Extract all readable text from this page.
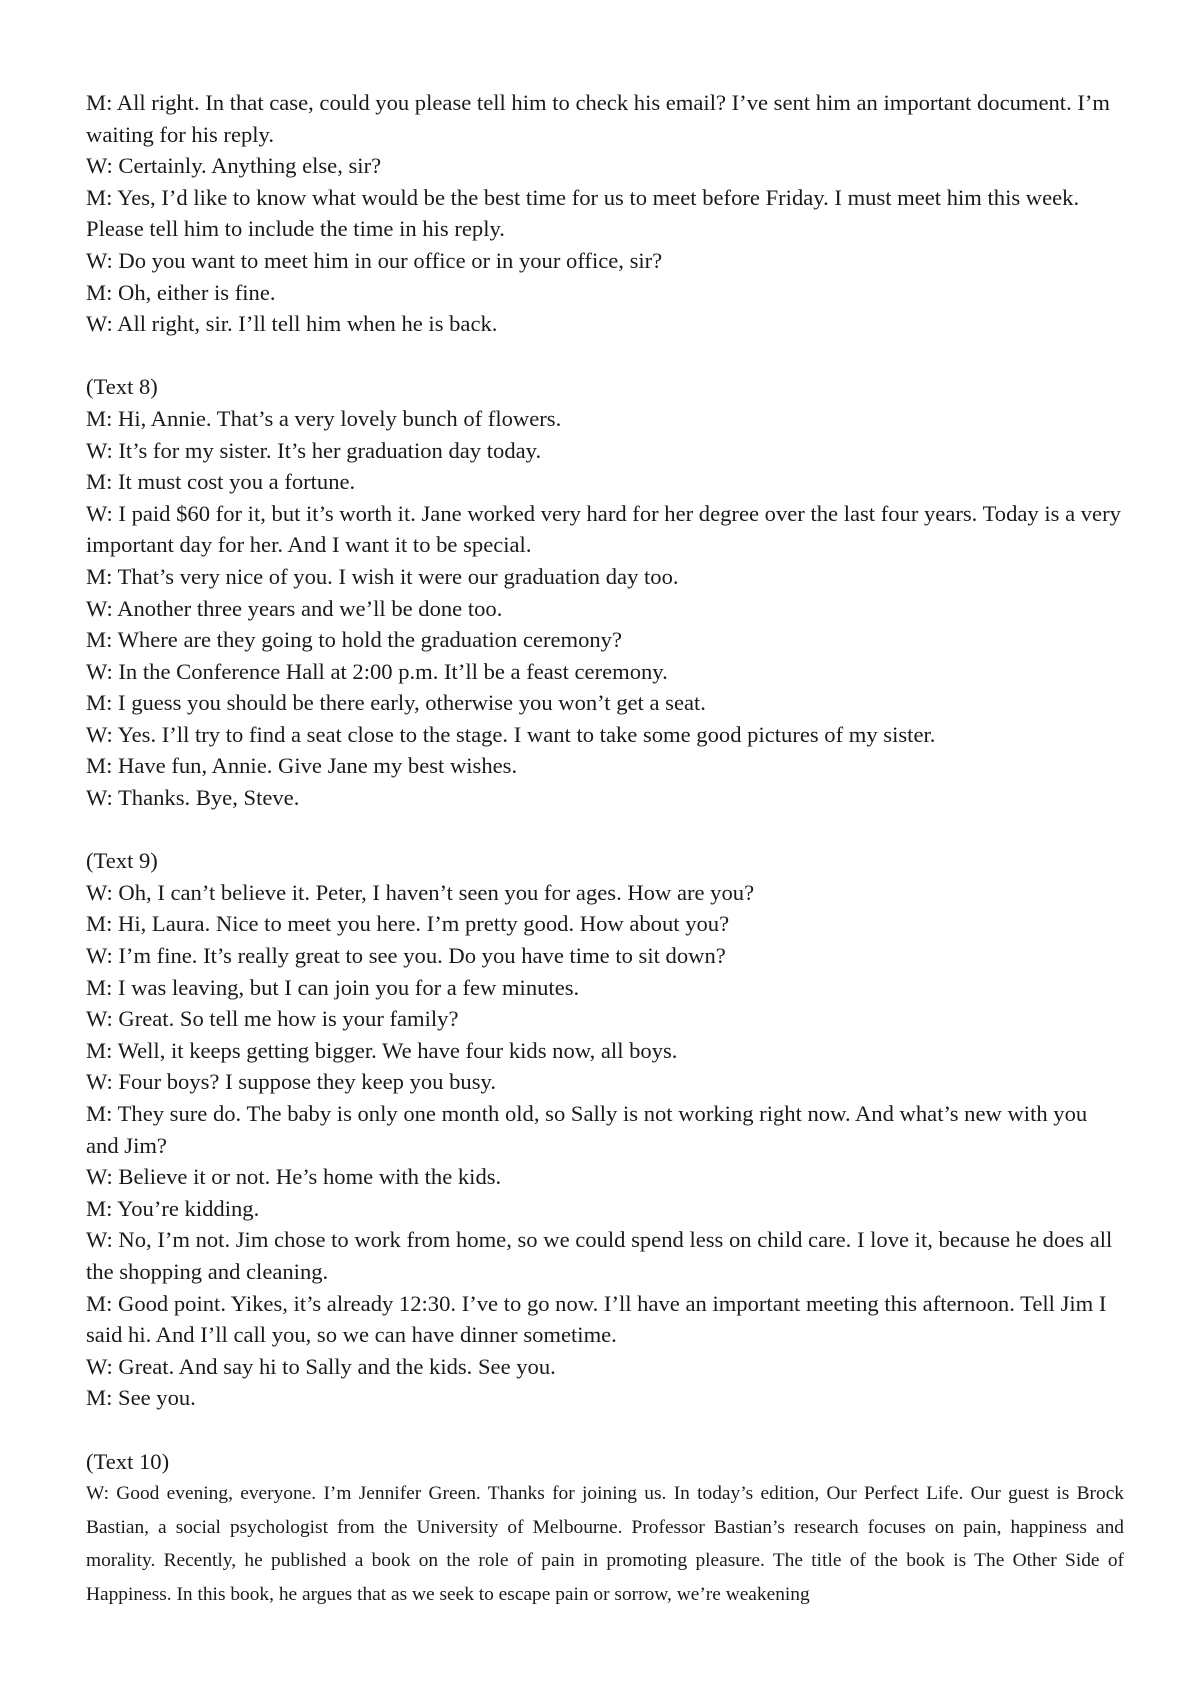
M: All right. In that case, could you please tell him to check his email? I’ve sent him an important document. I’m waiting for his reply.

W: Certainly. Anything else, sir?

M: Yes, I’d like to know what would be the best time for us to meet before Friday. I must meet him this week. Please tell him to include the time in his reply.

W: Do you want to meet him in our office or in your office, sir?

M: Oh, either is fine.

W: All right, sir. I’ll tell him when he is back.

(Text 8)

M: Hi, Annie. That’s a very lovely bunch of flowers.

W: It’s for my sister. It’s her graduation day today.

M: It must cost you a fortune.

W: I paid $60 for it, but it’s worth it. Jane worked very hard for her degree over the last four years. Today is a very important day for her. And I want it to be special.

M: That’s very nice of you. I wish it were our graduation day too.

W: Another three years and we’ll be done too.

M: Where are they going to hold the graduation ceremony?

W: In the Conference Hall at 2:00 p.m. It’ll be a feast ceremony.

M: I guess you should be there early, otherwise you won’t get a seat.

W: Yes. I’ll try to find a seat close to the stage. I want to take some good pictures of my sister.

M: Have fun, Annie. Give Jane my best wishes.

W: Thanks. Bye, Steve.

(Text 9)

W: Oh, I can’t believe it. Peter, I haven’t seen you for ages. How are you?

M: Hi, Laura. Nice to meet you here. I’m pretty good. How about you?

W: I’m fine. It’s really great to see you. Do you have time to sit down?

M: I was leaving, but I can join you for a few minutes.

W: Great. So tell me how is your family?

M: Well, it keeps getting bigger. We have four kids now, all boys.

W: Four boys? I suppose they keep you busy.

M: They sure do. The baby is only one month old, so Sally is not working right now. And what’s new with you and Jim?

W: Believe it or not. He’s home with the kids.

M: You’re kidding.

W: No, I’m not. Jim chose to work from home, so we could spend less on child care. I love it, because he does all the shopping and cleaning.

M: Good point. Yikes, it’s already 12:30. I’ve to go now. I’ll have an important meeting this afternoon. Tell Jim I said hi. And I’ll call you, so we can have dinner sometime.

W: Great. And say hi to Sally and the kids. See you.

M: See you.

(Text 10)

W: Good evening, everyone. I’m Jennifer Green. Thanks for joining us. In today’s edition, Our Perfect Life. Our guest is Brock Bastian, a social psychologist from the University of Melbourne. Professor Bastian’s research focuses on pain, happiness and morality. Recently, he published a book on the role of pain in promoting pleasure. The title of the book is The Other Side of Happiness. In this book, he argues that as we seek to escape pain or sorrow, we’re weakening
